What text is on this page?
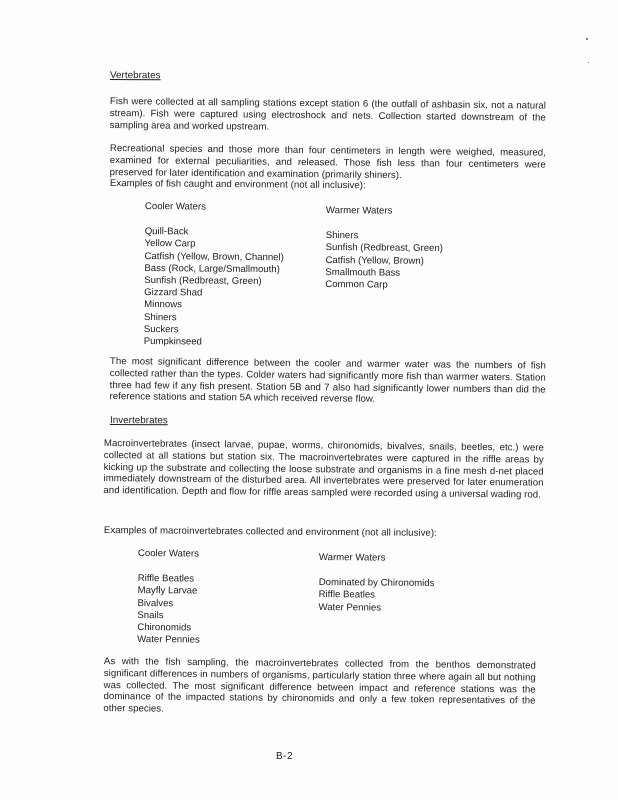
Vertebrates
Fish were collected at all sampling stations except station 6 (the outfall of ashbasin six, not a natural stream). Fish were captured using electroshock and nets. Collection started downstream of the sampling area and worked upstream.
Recreational species and those more than four centimeters in length were weighed, measured, examined for external peculiarities, and released. Those fish less than four centimeters were preserved for later identification and examination (primarily shiners).
Examples of fish caught and environment (not all inclusive):
Cooler Waters
Quill-Back
Yellow Carp
Catfish (Yellow, Brown, Channel)
Bass (Rock, Large/Smallmouth)
Sunfish (Redbreast, Green)
Gizzard Shad
Minnows
Shiners
Suckers
Pumpkinseed
Warmer Waters
Shiners
Sunfish (Redbreast, Green)
Catfish (Yellow, Brown)
Smallmouth Bass
Common Carp
The most significant difference between the cooler and warmer water was the numbers of fish collected rather than the types. Colder waters had significantly more fish than warmer waters. Station three had few if any fish present. Station 5B and 7 also had significantly lower numbers than did the reference stations and station 5A which received reverse flow.
Invertebrates
Macroinvertebrates (insect larvae, pupae, worms, chironomids, bivalves, snails, beetles, etc.) were collected at all stations but station six. The macroinvertebrates were captured in the riffle areas by kicking up the substrate and collecting the loose substrate and organisms in a fine mesh d-net placed immediately downstream of the disturbed area. All invertebrates were preserved for later enumeration and identification. Depth and flow for riffle areas sampled were recorded using a universal wading rod.
Examples of macroinvertebrates collected and environment (not all inclusive):
Cooler Waters
Riffle Beatles
Mayfly Larvae
Bivalves
Snails
Chironomids
Water Pennies
Warmer Waters
Dominated by Chironomids
Riffle Beatles
Water Pennies
As with the fish sampling, the macroinvertebrates collected from the benthos demonstrated significant differences in numbers of organisms, particularly station three where again all but nothing was collected. The most significant difference between impact and reference stations was the dominance of the impacted stations by chironomids and only a few token representatives of the other species.
B-2
